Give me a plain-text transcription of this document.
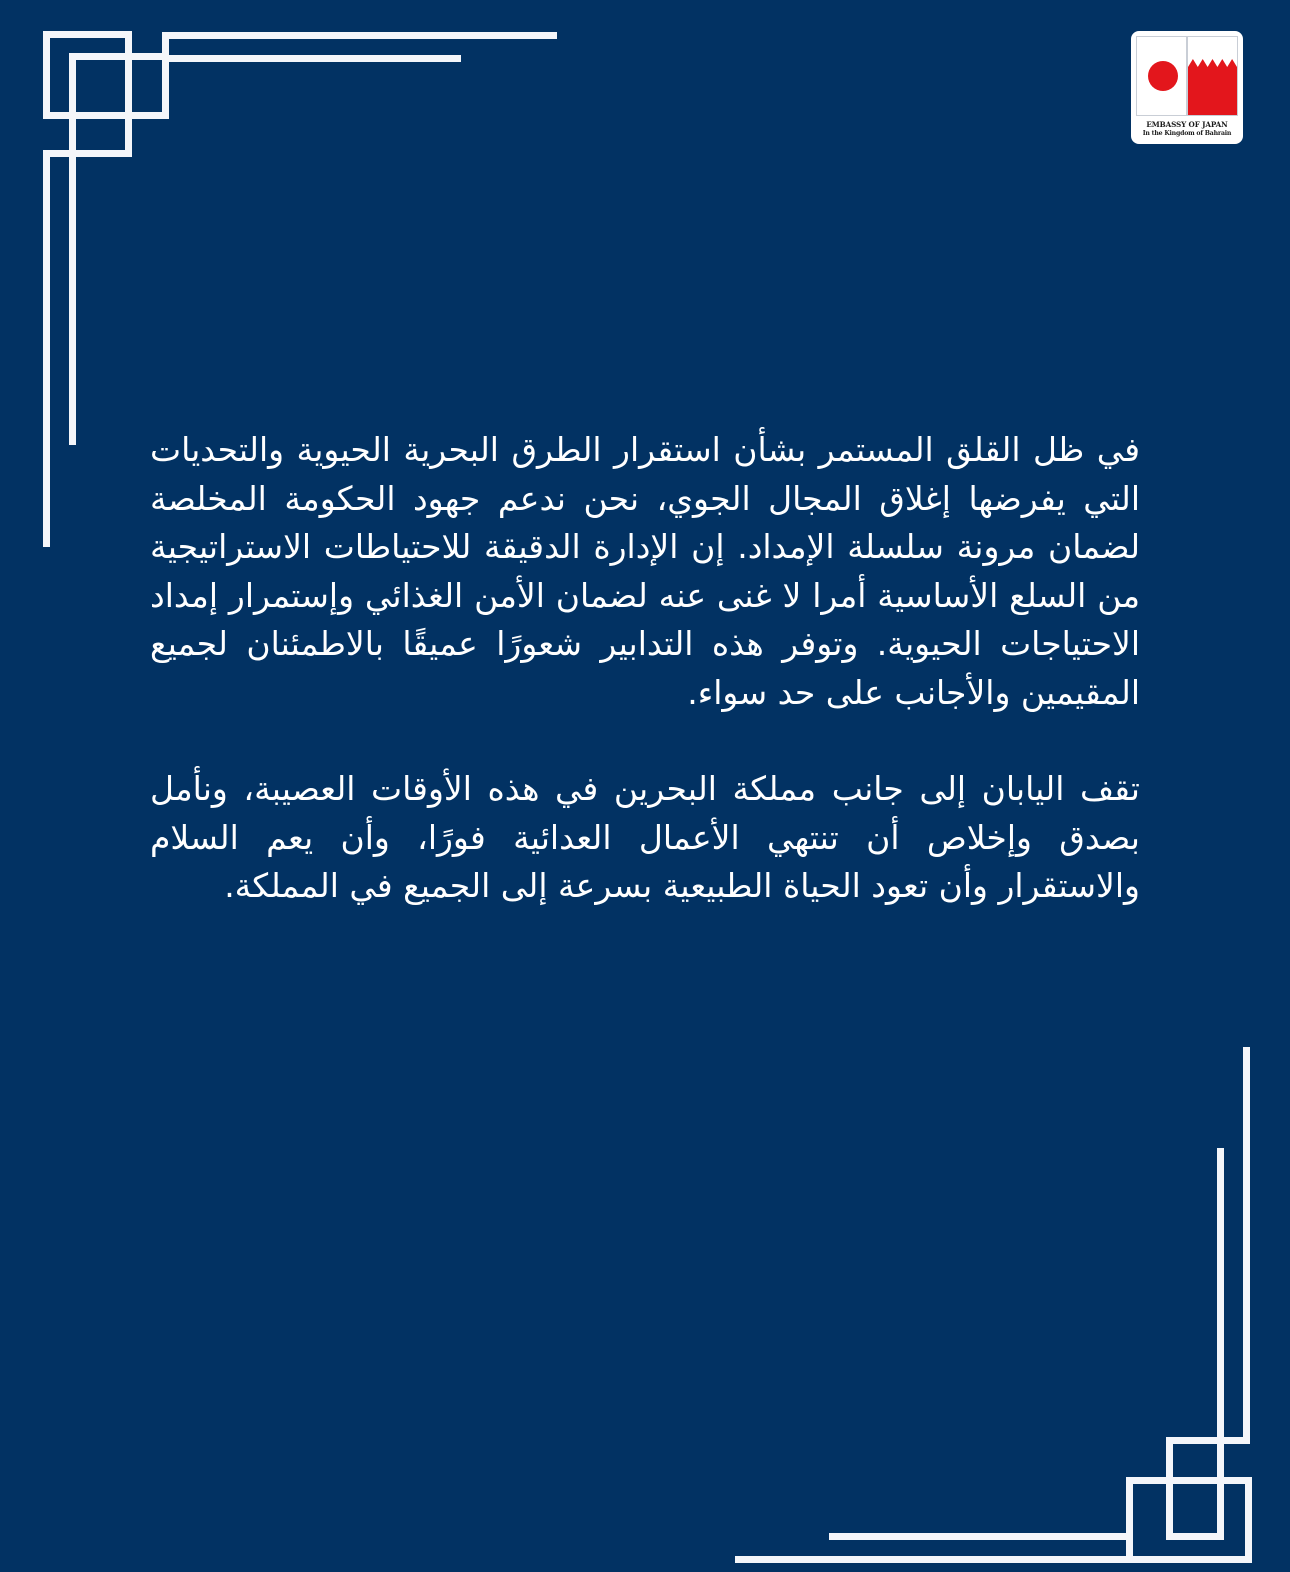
EMBASSY OF JAPAN
In the Kingdom of Bahrain

في ظل القلق المستمر بشأن استقرار الطرق البحرية الحيوية والتحديات التي يفرضها إغلاق المجال الجوي، نحن ندعم جهود الحكومة المخلصة لضمان مرونة سلسلة الإمداد. إن الإدارة الدقيقة للاحتياطات الاستراتيجية من السلع الأساسية أمرا لا غنى عنه لضمان الأمن الغذائي وإستمرار إمداد الاحتياجات الحيوية. وتوفر هذه التدابير شعورًا عميقًا بالاطمئنان لجميع المقيمين والأجانب على حد سواء.

تقف اليابان إلى جانب مملكة البحرين في هذه الأوقات العصيبة، ونأمل بصدق وإخلاص أن تنتهي الأعمال العدائية فورًا، وأن يعم السلام والاستقرار وأن تعود الحياة الطبيعية بسرعة إلى الجميع في المملكة.
